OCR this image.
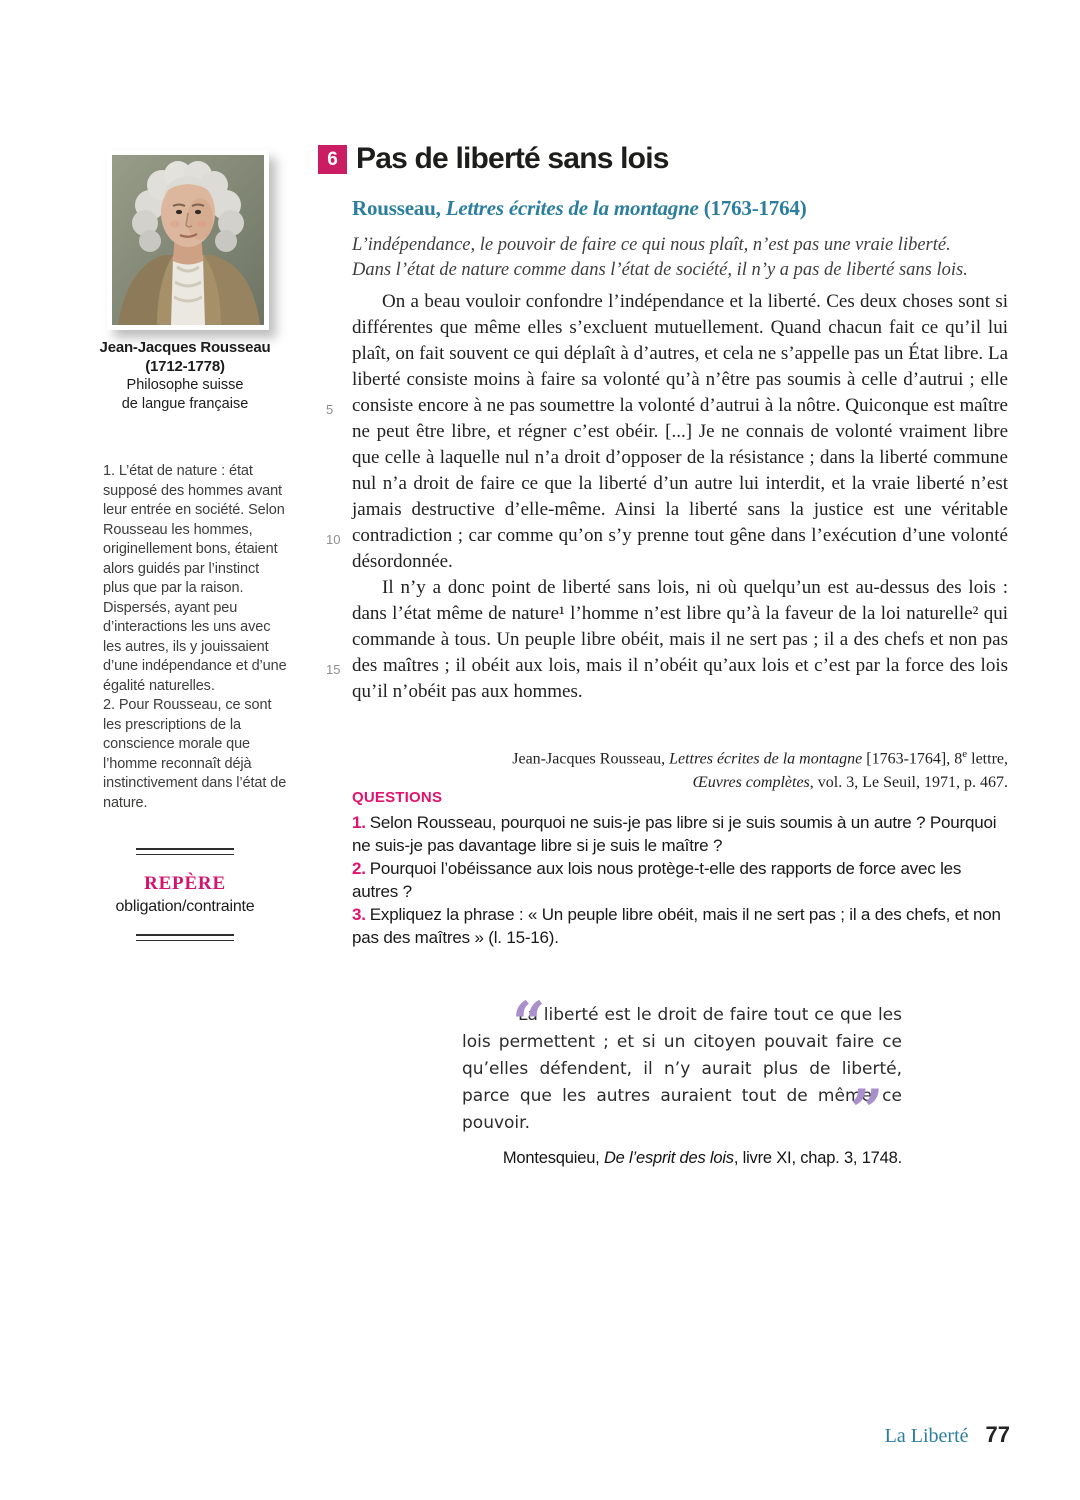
Jean-Jacques Rousseau
(1712-1778)
Philosophe suisse
de langue française

1. L’état de nature : état supposé des hommes avant leur entrée en société. Selon Rousseau les hommes, originellement bons, étaient alors guidés par l’instinct plus que par la raison. Dispersés, ayant peu d’interactions les uns avec les autres, ils y jouissaient d’une indépendance et d’une égalité naturelles.

2. Pour Rousseau, ce sont les prescriptions de la conscience morale que l’homme reconnaît déjà instinctivement dans l’état de nature.

REPÈRE
obligation/contrainte
6 Pas de liberté sans lois
Rousseau, Lettres écrites de la montagne (1763-1764)
L’indépendance, le pouvoir de faire ce qui nous plaît, n’est pas une vraie liberté.
Dans l’état de nature comme dans l’état de société, il n’y a pas de liberté sans lois.
5
10
15

On a beau vouloir confondre l’indépendance et la liberté. Ces deux choses sont si différentes que même elles s’excluent mutuellement. Quand chacun fait ce qu’il lui plaît, on fait souvent ce qui déplaît à d’autres, et cela ne s’appelle pas un État libre. La liberté consiste moins à faire sa volonté qu’à n’être pas soumis à celle d’autrui ; elle consiste encore à ne pas soumettre la volonté d’autrui à la nôtre. Quiconque est maître ne peut être libre, et régner c’est obéir. [...] Je ne connais de volonté vraiment libre que celle à laquelle nul n’a droit d’opposer de la résistance ; dans la liberté commune nul n’a droit de faire ce que la liberté d’un autre lui interdit, et la vraie liberté n’est jamais destructive d’elle-même. Ainsi la liberté sans la justice est une véritable contradiction ; car comme qu’on s’y prenne tout gêne dans l’exécution d’une volonté désordonnée.

Il n’y a donc point de liberté sans lois, ni où quelqu’un est au-dessus des lois : dans l’état même de nature¹ l’homme n’est libre qu’à la faveur de la loi naturelle² qui commande à tous. Un peuple libre obéit, mais il ne sert pas ; il a des chefs et non pas des maîtres ; il obéit aux lois, mais il n’obéit qu’aux lois et c’est par la force des lois qu’il n’obéit pas aux hommes.

Jean-Jacques Rousseau, Lettres écrites de la montagne [1763-1764], 8e lettre,
Œuvres complètes, vol. 3, Le Seuil, 1971, p. 467.
QUESTIONS

1. Selon Rousseau, pourquoi ne suis-je pas libre si je suis soumis à un autre ? Pourquoi ne suis-je pas davantage libre si je suis le maître ?

2. Pourquoi l’obéissance aux lois nous protège-t-elle des rapports de force avec les autres ?

3. Expliquez la phrase : « Un peuple libre obéit, mais il ne sert pas ; il a des chefs, et non pas des maîtres » (l. 15-16).

“
La liberté est le droit de faire tout ce que les lois permettent ; et si un citoyen pouvait faire ce qu’elles défendent, il n’y aurait plus de liberté, parce que les autres auraient tout de même ce pouvoir.	”
Montesquieu, De l’esprit des lois, livre XI, chap. 3, 1748.
La Liberté 77
